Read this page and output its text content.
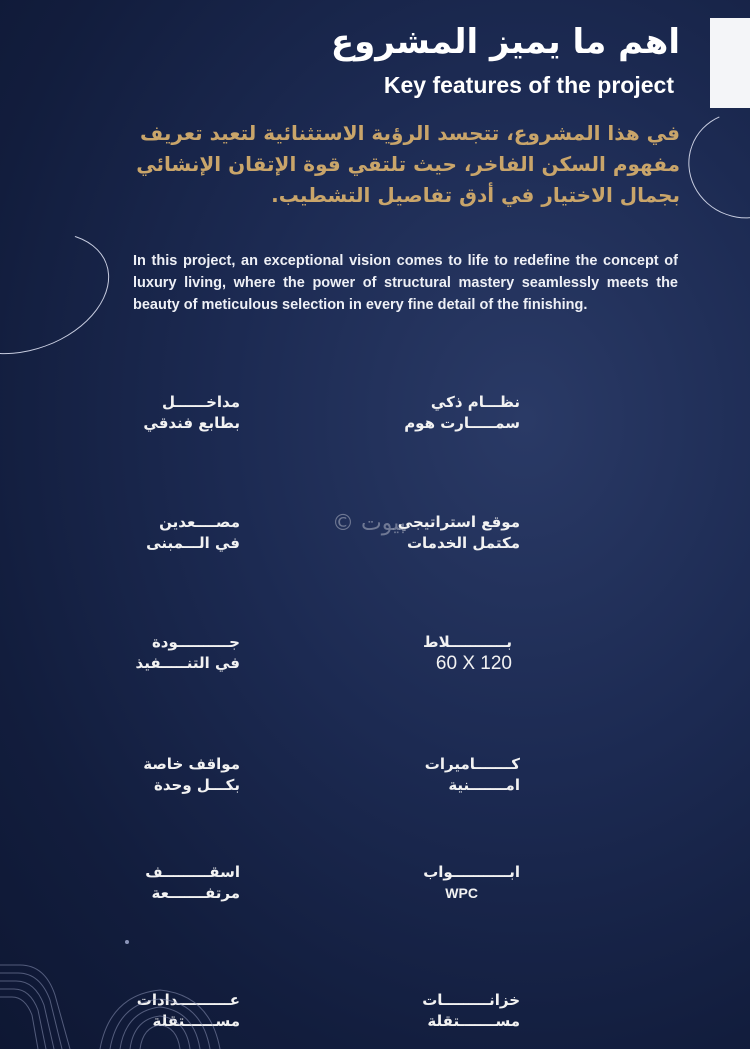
اهم ما يميز المشروع
Key features of the project
في هذا المشروع، تتجسد الرؤية الاستثنائية لتعيد تعريف مفهوم السكن الفاخر، حيث تلتقي قوة الإتقان الإنشائي بجمال الاختيار في أدق تفاصيل التشطيب.
In this project, an exceptional vision comes to life to redefine the concept of luxury living, where the power of structural mastery seamlessly meets the beauty of meticulous selection in every fine detail of the finishing.
بيوت ©
نظـــام ذكي
سمـــــارت هوم
مداخــــــل
بطابع فندقي
موقع استراتيجي
مكتمل الخدمات
مصــــعدين
في الـــمبنى
بـــــــــــلاط
60 X 120
جــــــــــودة
في التنـــــفيذ
كـــــــاميرات
امـــــــنية
مواقف خاصة
بكـــل وحدة
ابـــــــــــواب
WPC
اسقـــــــــف
مرتفـــــــعة
خزانـــــــــات
مســـــــتقلة
عــــــــــدادات
مســــــتقلة
